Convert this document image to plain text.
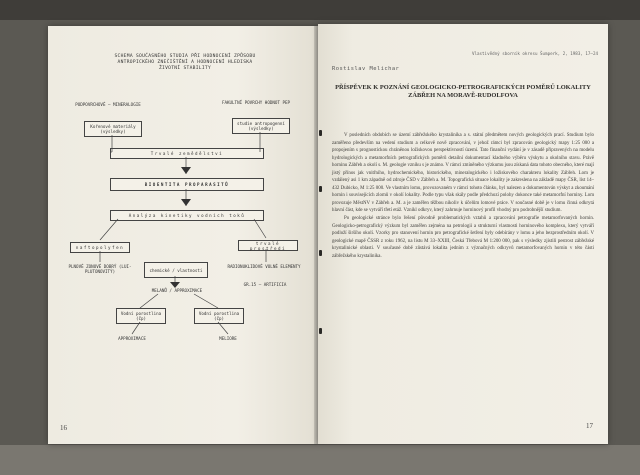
SCHEMA SOUČASNÉHO STUDIA PŘI HODNOCENÍ ZPŮSOBU ANTROPICKÉHO ZNEČIŠTĚNÍ A HODNOCENÍ HLEDISKA ŽIVOTNÍ STABILITY
PODPOVRCHOVÉ – MINERALOGIE	FAKULTNÍ POVRCHY HODNOT PEP
Kořenové materiály (výsledky)
studie antropogenní (výsledky)
Trvalé zemědělství
BIOENTITA PROPARASITŮ
Analýza kinetiky vodních toků
naftopolyfen
trvalé prostředí
PLNOVÉ ZONOVÉ DOBRÝ (LUI-PLUTONOVITÝ)	chemické / vlastnosti
RADIONUKLIDOVÉ VOLNÉ ELEMENTY
GR.15 – ARTIFICIA
MELANŮ / APPROXIMACE
Vodní porostlina (čp)
Vodní porostlina (čp)
APPROXIMACE	MELIORE
16
Vlastivědný sborník okresu Šumperk, 2, 1983, 17–24
Rostislav Melichar
PŘÍSPĚVEK K POZNÁNÍ GEOLOGICKO-PETROGRAFICKÝCH POMĚRŮ LOKALITY ZÁBŘEH NA MORAVĚ-RUDOLFOVA

V posledních obdobích se území zábřežského krystalinika a s. státní předmětem nových geologických prací. Studium bylo zaměřeno především na vedení studium a celkově nově zpracování, v jehož rámci byl zpracován geologický mapy 1:25 000 a propojením s prognostickou chráněnou ložiskovou perspektivností území. Tato finanční vydání je v zásadě připravených na modelu hydrologických a metamorfních petrografických poměrů detailní dokumentací kladného výběru výskytu a okolního stavu. Právě horninu Zábřeh a okolí s. M. geologie vzniku s je známo. V rámci zmíněného výzkumu jsou získaná data tohoto obecného, které mají jistý přínos jak vnitřního, hydrochemického, historického, mineralogického i ložiskového charakteru lokality Zábřeh. Lom je vzdálený asi 1 km západně od zdroje ČSD v Zábřeh a. M. Topografická situace lokality je zakreslena na základě mapy ČSR, list 14–432 Dubicko, M 1:25 000. Ve vlastním lomu, provozovaném v rámci tohoto článku, byl nalezen a dokumentován výskyt a zkoumání hornin i souvisejících zlomů v okolí lokality. Podle typu však skály podle předchozí polohy dokonce také metamorfní horniny. Lom provozuje MěstNV v Zábřeh a. M. a je zaměřen těžbou nikoliv k účelům lomové práce. V současné době je v lomu činná odkrytá hlavní část, kde se vytváří třetí etáž. Vznikl odkryv, který zahrnuje horninový profil vhodný pro podrobnější studium.

Po geologické stránce bylo řešení původně problematických vztahů a zpracování petrografie metamorfovaných hornin. Geologicko-petrografický výzkum byl zaměřen zejména na petrologii a strukturní vlastnosti horninového komplexu, který vytváří podloží širšího okolí. Vzorky pro stanovení hornin pro petrografické šetření byly odebírány v lomu a jeho bezprostředním okolí. V geologické mapě ČSSR z roku 1962, na listu M 33–XXIII, Česká Třebová M 1:200 000, pak s výsledky zjistili pestrost zábřežské krystalinické oblasti. V současné době zůstává lokalita jedním z význačných odkryvů metamorfovaných hornin v této části zábřežského krystalinika.

17
